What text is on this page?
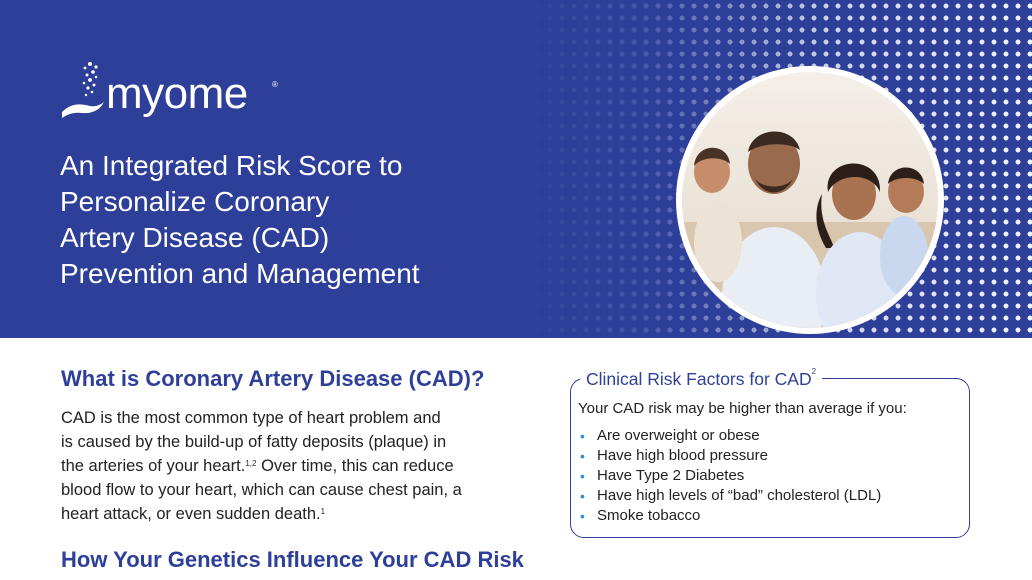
myome	®
An Integrated Risk Score to
Personalize Coronary
Artery Disease (CAD)
Prevention and Management
What is Coronary Artery Disease (CAD)?
CAD is the most common type of heart problem and
is caused by the build-up of fatty deposits (plaque) in
the arteries of your heart.$^{1,2}$ Over time, this can reduce
blood flow to your heart, which can cause chest pain, a
heart attack, or even sudden death.$^1$
Clinical Risk Factors for CAD$^2$
Your CAD risk may be higher than average if you:
• Are overweight or obese
• Have high blood pressure
• Have Type 2 Diabetes
• Have high levels of “bad” cholesterol (LDL)
• Smoke tobacco
How Your Genetics Influence Your CAD Risk
